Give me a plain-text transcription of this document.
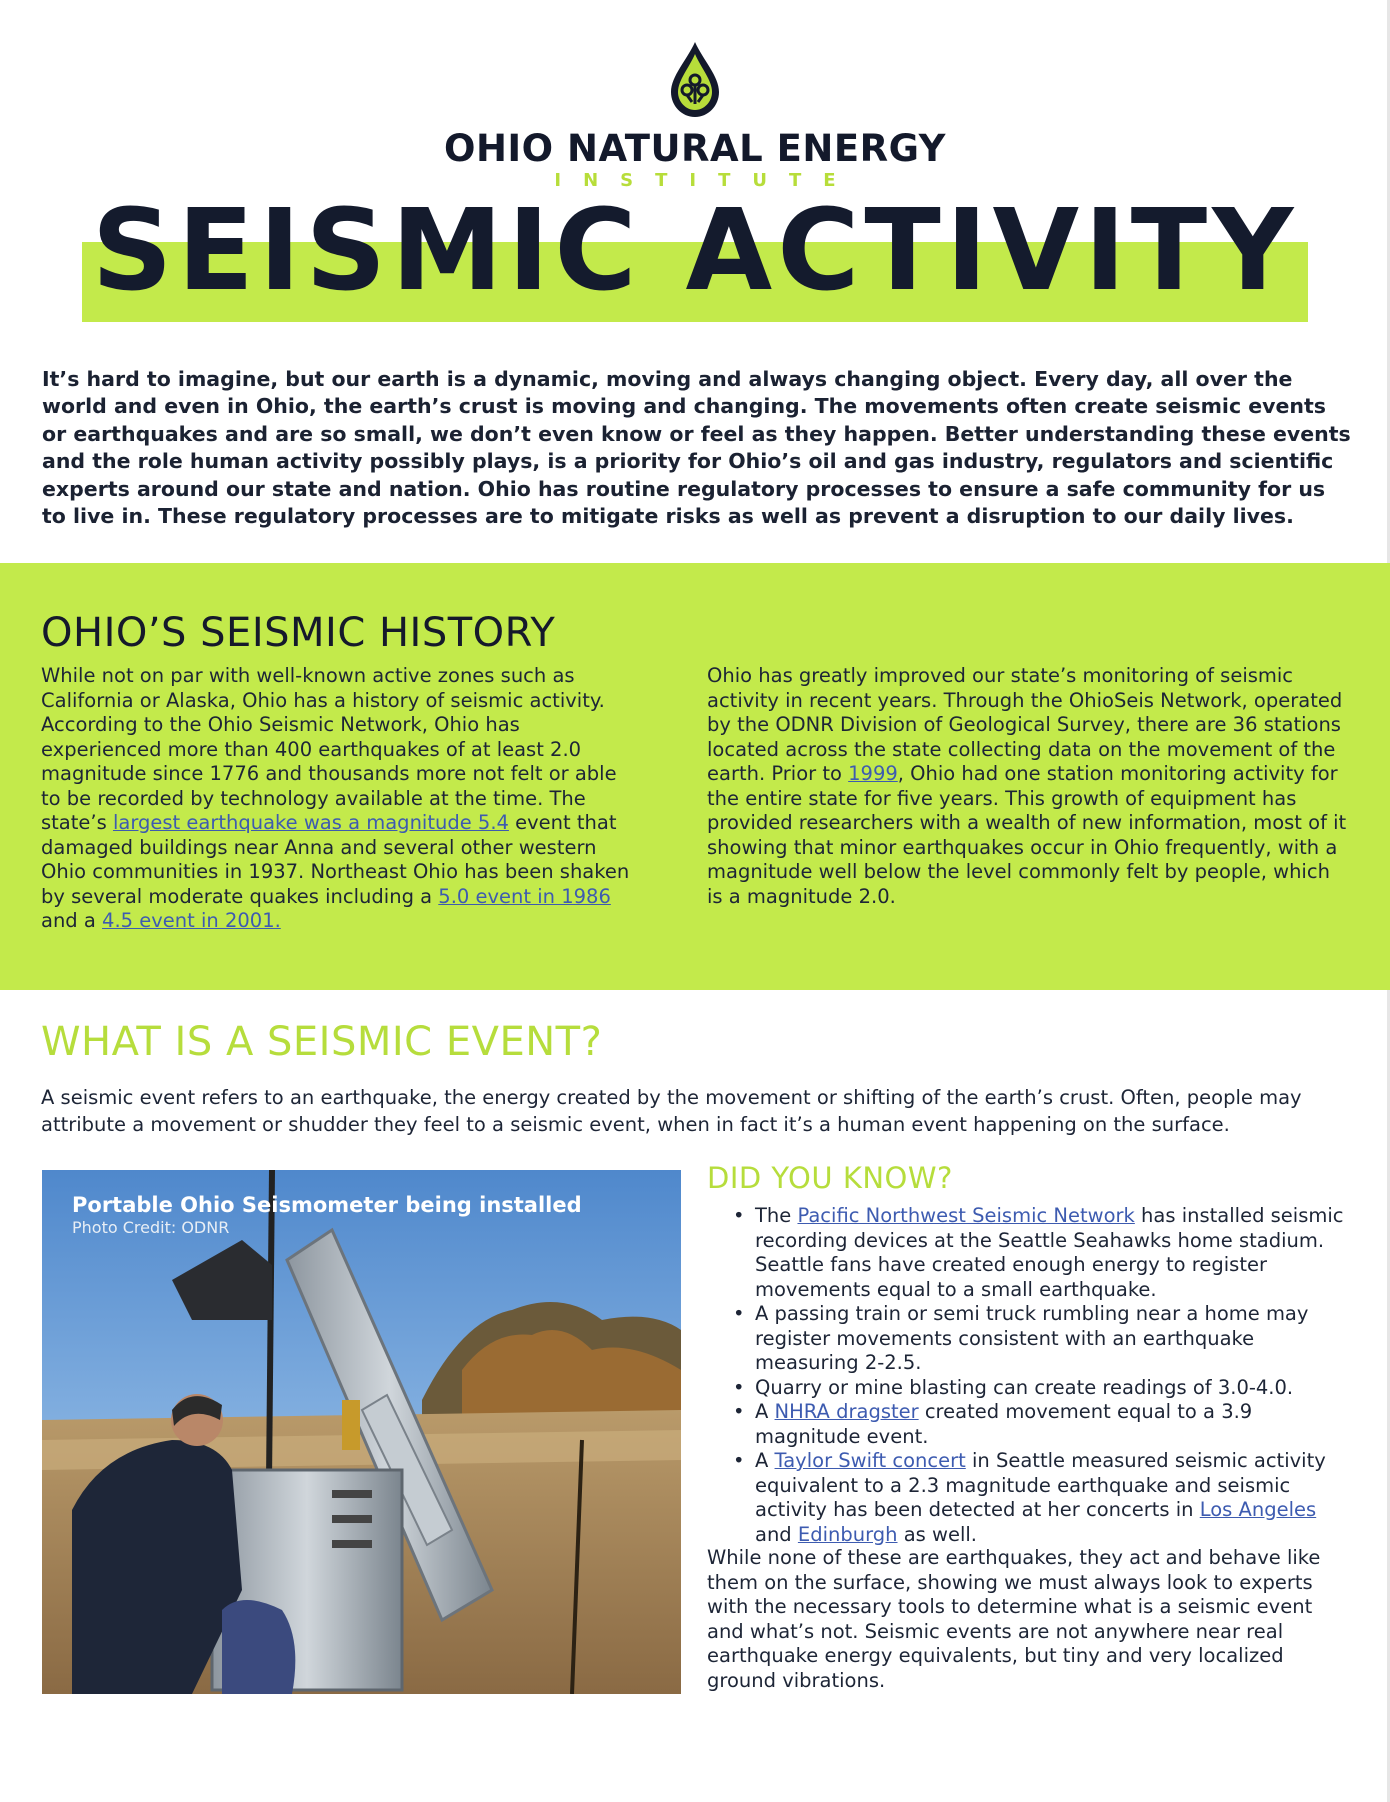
OHIO NATURAL ENERGY
INSTITUTE
SEISMIC ACTIVITY
It’s hard to imagine, but our earth is a dynamic, moving and always changing object. Every day, all over the world and even in Ohio, the earth’s crust is moving and changing. The movements often create seismic events or earthquakes and are so small, we don’t even know or feel as they happen. Better understanding these events and the role human activity possibly plays, is a priority for Ohio’s oil and gas industry, regulators and scientific experts around our state and nation. Ohio has routine regulatory processes to ensure a safe community for us to live in. These regulatory processes are to mitigate risks as well as prevent a disruption to our daily lives.
OHIO’S SEISMIC HISTORY
While not on par with well-known active zones such as California or Alaska, Ohio has a history of seismic activity. According to the Ohio Seismic Network, Ohio has experienced more than 400 earthquakes of at least 2.0 magnitude since 1776 and thousands more not felt or able to be recorded by technology available at the time. The state’s largest earthquake was a magnitude 5.4 event that damaged buildings near Anna and several other western Ohio communities in 1937. Northeast Ohio has been shaken by several moderate quakes including a 5.0 event in 1986 and a 4.5 event in 2001.
Ohio has greatly improved our state’s monitoring of seismic activity in recent years. Through the OhioSeis Network, operated by the ODNR Division of Geological Survey, there are 36 stations located across the state collecting data on the movement of the earth. Prior to 1999, Ohio had one station monitoring activity for the entire state for five years. This growth of equipment has provided researchers with a wealth of new information, most of it showing that minor earthquakes occur in Ohio frequently, with a magnitude well below the level commonly felt by people, which is a magnitude 2.0.
WHAT IS A SEISMIC EVENT?
A seismic event refers to an earthquake, the energy created by the movement or shifting of the earth’s crust. Often, people may attribute a movement or shudder they feel to a seismic event, when in fact it’s a human event happening on the surface.
Portable Ohio Seismometer being installed
Photo Credit: ODNR
DID YOU KNOW?
• The Pacific Northwest Seismic Network has installed seismic recording devices at the Seattle Seahawks home stadium. Seattle fans have created enough energy to register movements equal to a small earthquake.
• A passing train or semi truck rumbling near a home may register movements consistent with an earthquake measuring 2-2.5.
• Quarry or mine blasting can create readings of 3.0-4.0.
• A NHRA dragster created movement equal to a 3.9 magnitude event.
• A Taylor Swift concert in Seattle measured seismic activity equivalent to a 2.3 magnitude earthquake and seismic activity has been detected at her concerts in Los Angeles and Edinburgh as well.
While none of these are earthquakes, they act and behave like them on the surface, showing we must always look to experts with the necessary tools to determine what is a seismic event and what’s not. Seismic events are not anywhere near real earthquake energy equivalents, but tiny and very localized ground vibrations.
